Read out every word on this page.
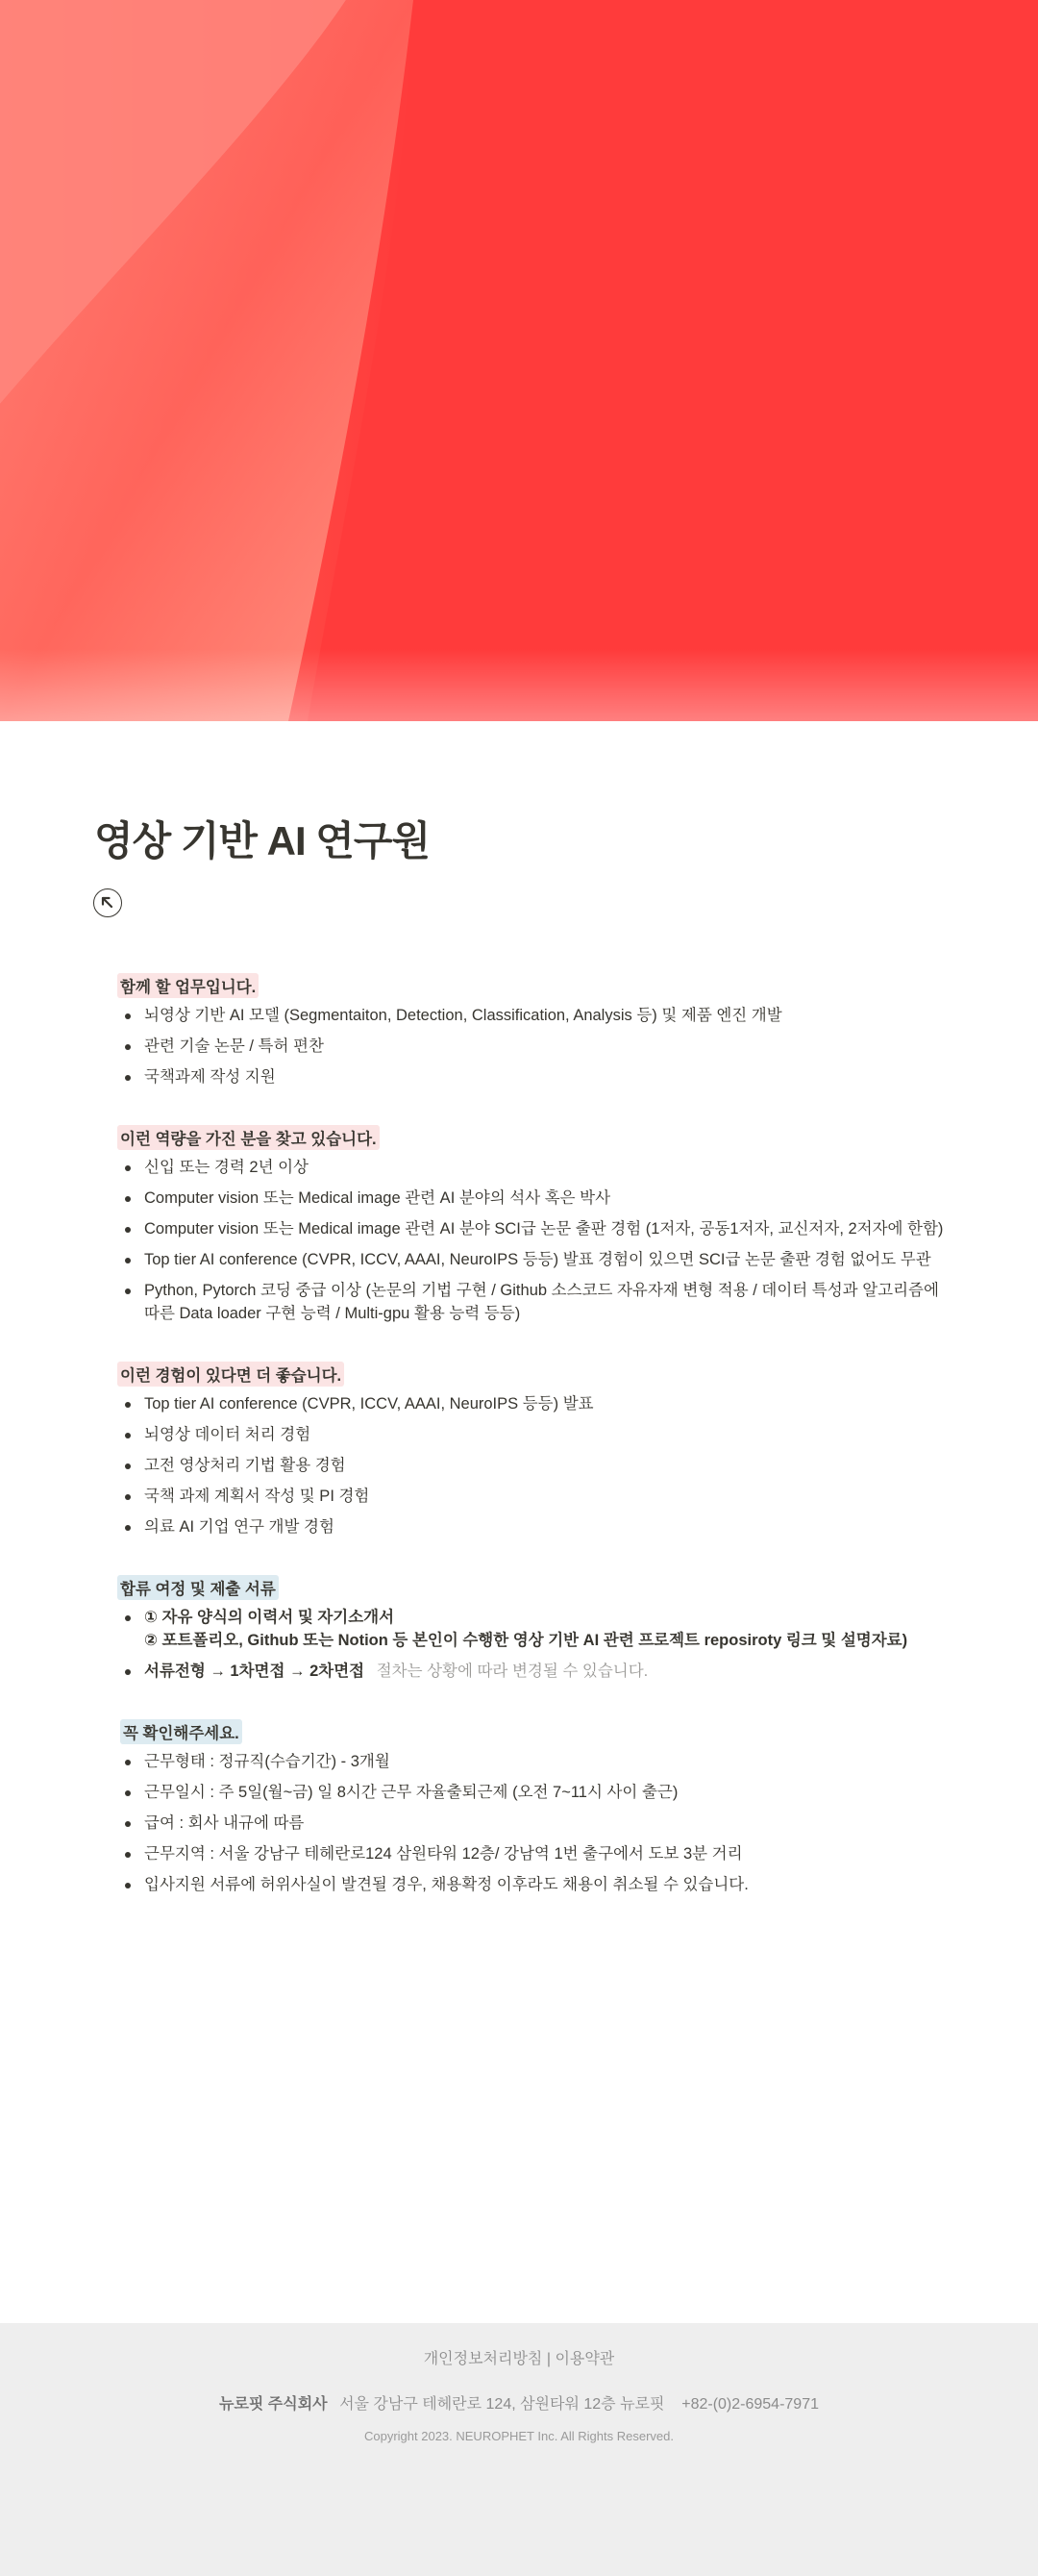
영상 기반 AI 연구원
함께 할 업무입니다.
뇌영상 기반 AI 모델 (Segmentaiton, Detection, Classification, Analysis 등) 및 제품 엔진 개발
관련 기술 논문 / 특허 편찬
국책과제 작성 지원
이런 역량을 가진 분을 찾고 있습니다.
신입 또는 경력 2년 이상
Computer vision 또는 Medical image 관련 AI 분야의 석사 혹은 박사
Computer vision 또는 Medical image 관련 AI 분야 SCI급 논문 출판 경험 (1저자, 공동1저자, 교신저자, 2저자에 한함)
Top tier AI conference (CVPR, ICCV, AAAI, NeuroIPS 등등) 발표 경험이 있으면 SCI급 논문 출판 경험 없어도 무관
Python, Pytorch 코딩 중급 이상 (논문의 기법 구현 / Github 소스코드 자유자재 변형 적용 / 데이터 특성과 알고리즘에 따른 Data loader 구현 능력 / Multi-gpu 활용 능력 등등)
이런 경험이 있다면 더 좋습니다.
Top tier AI conference (CVPR, ICCV, AAAI, NeuroIPS 등등) 발표
뇌영상 데이터 처리 경험
고전 영상처리 기법 활용 경험
국책 과제 계획서 작성 및 PI 경험
의료 AI 기업 연구 개발 경험
합류 여정 및 제출 서류
① 자유 양식의 이력서 및 자기소개서
② 포트폴리오, Github 또는 Notion 등 본인이 수행한 영상 기반 AI 관련 프로젝트 reposiroty 링크 및 설명자료)
서류전형 → 1차면접 → 2차면접 절차는 상황에 따라 변경될 수 있습니다.
꼭 확인해주세요.
근무형태 : 정규직(수습기간) - 3개월
근무일시 : 주 5일(월~금) 일 8시간 근무 자율출퇴근제 (오전 7~11시 사이 출근)
급여 : 회사 내규에 따름
근무지역 : 서울 강남구 테헤란로124 삼원타워 12층/ 강남역 1번 출구에서 도보 3분 거리
입사지원 서류에 허위사실이 발견될 경우, 채용확정 이후라도 채용이 취소될 수 있습니다.
개인정보처리방침 | 이용약관
뉴로핏 주식회사 서울 강남구 테헤란로 124, 삼원타워 12층 뉴로핏 +82-(0)2-6954-7971
Copyright 2023. NEUROPHET Inc. All Rights Reserved.
